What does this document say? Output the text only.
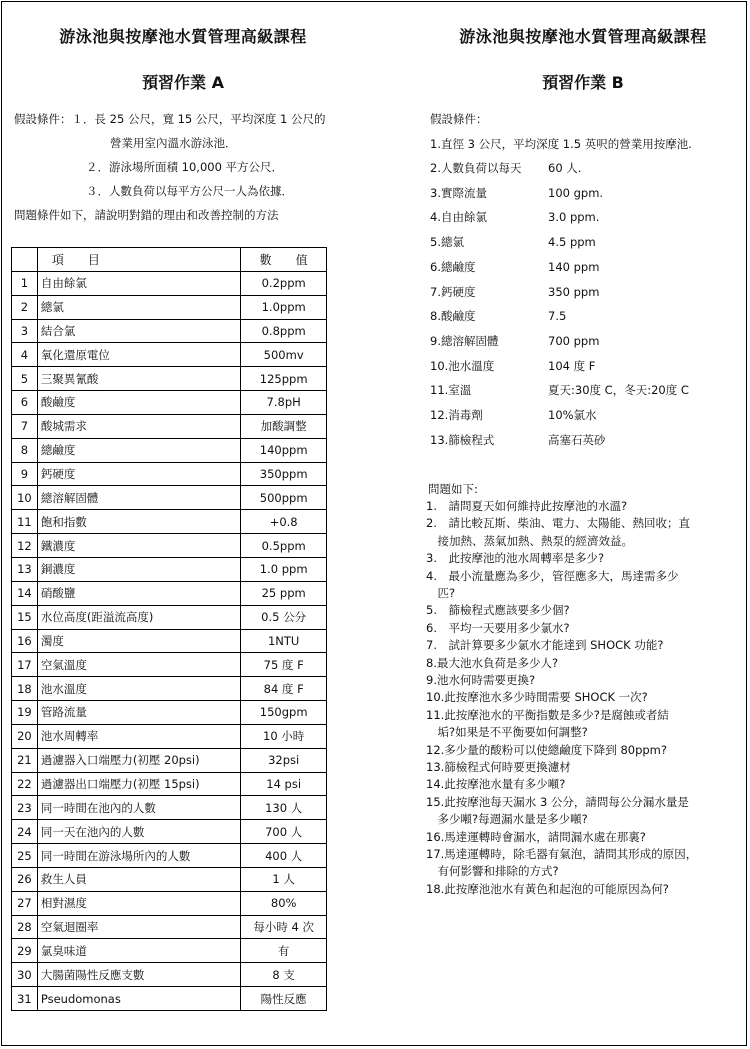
游泳池與按摩池水質管理高級課程
預習作業 A
假設條件：１．長 25 公尺，寬 15 公尺，平均深度 1 公尺的
營業用室內溫水游泳池．
２．游泳場所面積 10,000 平方公尺．
３．人數負荷以每平方公尺一人為依據．
問題條件如下，請說明對錯的理由和改善控制的方法
	項　　目	數　　值
1	自由餘氯	0.2ppm
2	總氯	1.0ppm
3	結合氯	0.8ppm
4	氧化還原電位	500mv
5	三聚異氰酸	125ppm
6	酸鹼度	7.8pH
7	酸城需求	加酸調整
8	總鹼度	140ppm
9	鈣硬度	350ppm
10	總溶解固體	500ppm
11	飽和指數	+0.8
12	鐵濃度	0.5ppm
13	銅濃度	1.0 ppm
14	硝酸鹽	25 ppm
15	水位高度(距溢流高度)	0.5 公分
16	濁度	1NTU
17	空氣溫度	75 度 F
18	池水溫度	84 度 F
19	管路流量	150gpm
20	池水周轉率	10 小時
21	過濾器入口端壓力(初壓 20psi)	32psi
22	過濾器出口端壓力(初壓 15psi)	14 psi
23	同一時間在池內的人數	130 人
24	同一天在池內的人數	700 人
25	同一時間在游泳場所內的人數	400 人
26	救生人員	1 人
27	相對濕度	80%
28	空氣迴圈率	每小時 4 次
29	氯臭味道	有
30	大腸菌陽性反應支數	8 支
31	Pseudomonas	陽性反應
游泳池與按摩池水質管理高級課程
預習作業 B
假設條件：
1.直徑 3 公尺，平均深度 1.5 英呎的營業用按摩池.
2.人數負荷以每天 60 人.
3.實際流量	100 gpm.
4.自由餘氯	3.0 ppm.
5.總氯	4.5 ppm
6.總鹼度	140 ppm
7.鈣硬度	350 ppm
8.酸鹼度	7.5
9.總溶解固體	700 ppm
10.池水溫度	104 度 F
11.室溫	夏天:30度 C，冬天:20度 C
12.消毒劑	10%氯水
13.篩檢程式	高塞石英砂
問題如下:
1.　請問夏天如何維持此按摩池的水溫?
2.　請比較瓦斯、柴油、電力、太陽能、熱回收；直
　接加熱、蒸氣加熱、熱泵的經濟效益。
3.　此按摩池的池水周轉率是多少?
4.　最小流量應為多少，管徑應多大，馬達需多少
　匹?
5.　篩檢程式應該要多少個?
6.　平均一天要用多少氯水?
7.　試計算要多少氯水才能達到 SHOCK 功能?
8.最大池水負荷是多少人?
9.池水何時需要更換?
10.此按摩池水多少時間需要 SHOCK 一次?
11.此按摩池水的平衡指數是多少?是腐蝕或者結
　垢?如果是不平衡要如何調整?
12.多少量的酸粉可以使總鹼度下降到 80ppm?
13.篩檢程式何時要更換濾材
14.此按摩池水量有多少噸?
15.此按摩池每天漏水 3 公分，請問每公分漏水量是
　多少噸?每週漏水量是多少噸?
16.馬達運轉時會漏水，請問漏水處在那裏?
17.馬達運轉時，除毛器有氣泡，請問其形成的原因，
　有何影響和排除的方式?
18.此按摩池池水有黃色和起泡的可能原因為何?
